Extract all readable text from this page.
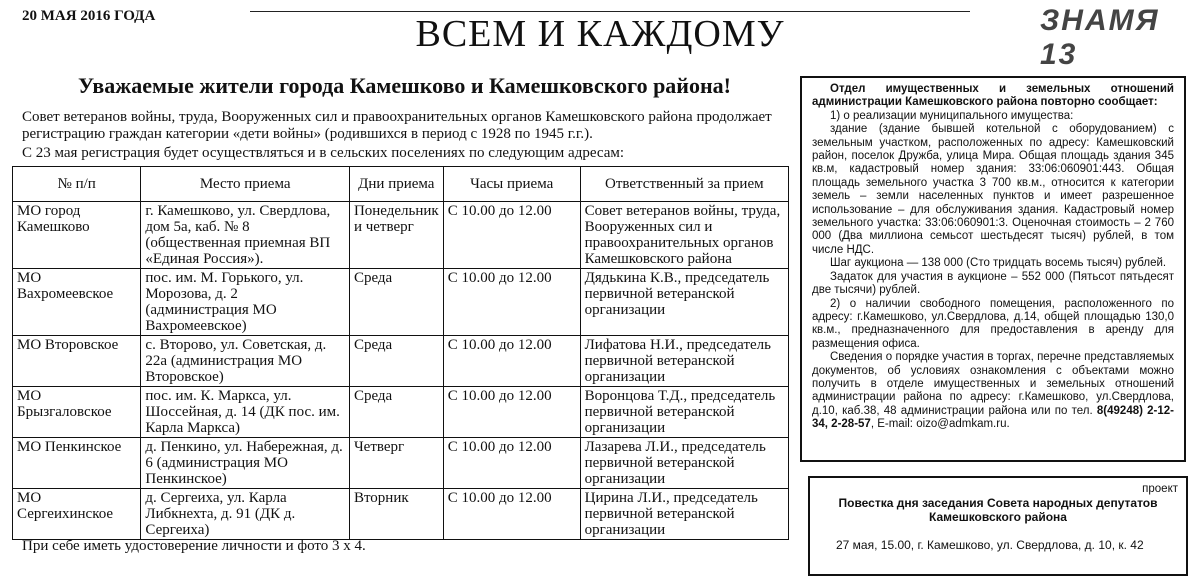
20 МАЯ 2016 ГОДА	ВСЕМ И КАЖДОМУ	ЗНАМЯ 13
Уважаемые жители города Камешково и Камешковского района!
Совет ветеранов войны, труда, Вооруженных сил и правоохранительных органов Камешковского района продолжает регистрацию граждан категории «дети войны» (родившихся в период с 1928 по 1945 г.г.).
С 23 мая регистрация будет осуществляться и в сельских поселениях по следующим адресам:
№ п/п	Место приема	Дни приема	Часы приема	Ответственный за прием
МО город Камешково	г. Камешково, ул. Свердлова, дом 5а, каб. № 8 (общественная приемная ВП «Единая Россия»).	Понедельник и четверг	С 10.00 до 12.00	Совет ветеранов войны, труда, Вооруженных сил и правоохранительных органов Камешковского района
МО Вахромеевское	пос. им. М. Горького, ул. Морозова, д. 2 (администрация МО Вахромеевское)	Среда	С 10.00 до 12.00	Дядькина К.В., председатель первичной ветеранской организации
МО Второвское	с. Второво, ул. Советская, д. 22а (администрация МО Второвское)	Среда	С 10.00 до 12.00	Лифатова Н.И., председатель первичной ветеранской организации
МО Брызгаловское	пос. им. К. Маркса, ул. Шоссейная, д. 14 (ДК пос. им. Карла Маркса)	Среда	С 10.00 до 12.00	Воронцова Т.Д., председатель первичной ветеранской организации
МО Пенкинское	д. Пенкино, ул. Набережная, д. 6 (администрация МО Пенкинское)	Четверг	С 10.00 до 12.00	Лазарева Л.И., председатель первичной ветеранской организации
МО Сергеихинское	д. Сергеиха, ул. Карла Либкнехта, д. 91 (ДК д. Сергеиха)	Вторник	С 10.00 до 12.00	Цирина Л.И., председатель первичной ветеранской организации
При себе иметь удостоверение личности и фото 3 х 4.

Отдел имущественных и земельных отношений администрации Камешковского района повторно сообщает:

1) о реализации муниципального имущества:

здание (здание бывшей котельной с оборудованием) с земельным участком, расположенных по адресу: Камешковский район, поселок Дружба, улица Мира. Общая площадь здания 345 кв.м, кадастровый номер здания: 33:06:060901:443. Общая площадь земельного участка 3 700 кв.м., относится к категории земель – земли населенных пунктов и имеет разрешенное использование – для обслуживания здания. Кадастровый номер земельного участка: 33:06:060901:3. Оценочная стоимость – 2 760 000 (Два миллиона семьсот шестьдесят тысяч) рублей, в том числе НДС.

Шаг аукциона — 138 000 (Сто тридцать восемь тысяч) рублей.

Задаток для участия в аукционе – 552 000 (Пятьсот пятьдесят две тысячи) рублей.

2) о наличии свободного помещения, расположенного по адресу: г.Камешково, ул.Свердлова, д.14, общей площадью 130,0 кв.м., предназначенного для предоставления в аренду для размещения офиса.

Сведения о порядке участия в торгах, перечне представляемых документов, об условиях ознакомления с объектами можно получить в отделе имущественных и земельных отношений администрации района по адресу: г.Камешково, ул.Свердлова, д.10, каб.38, 48 администрации района или по тел. 8(49248) 2-12-34, 2-28-57, E-mail: oizo@admkam.ru.

проект
Повестка дня заседания Совета народных депутатов Камешковского района
27 мая, 15.00, г. Камешково, ул. Свердлова, д. 10, к. 42
